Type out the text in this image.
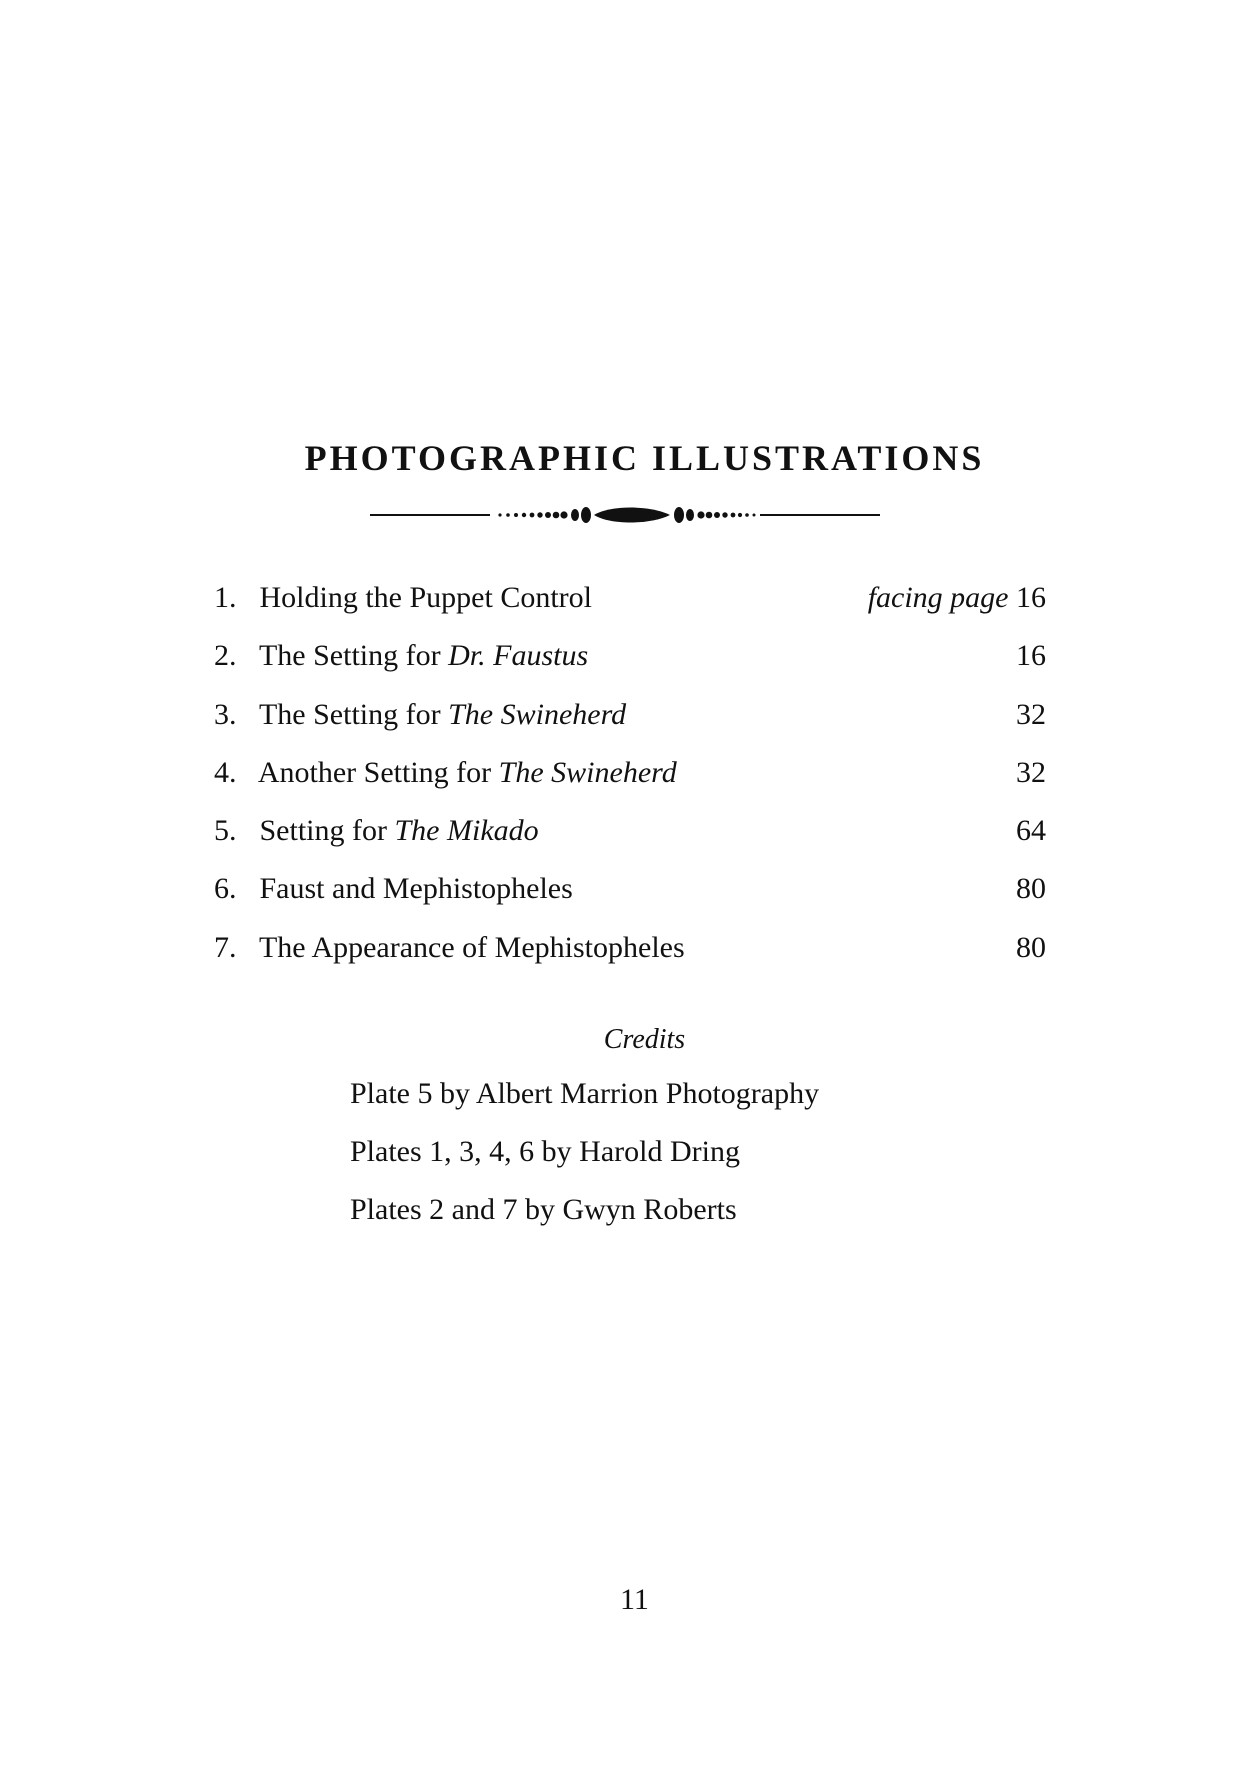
PHOTOGRAPHIC ILLUSTRATIONS
1. Holding the Puppet Control	facing page 16
2. The Setting for Dr. Faustus	16
3. The Setting for The Swineherd	32
4. Another Setting for The Swineherd	32
5. Setting for The Mikado	64
6. Faust and Mephistopheles	80
7. The Appearance of Mephistopheles	80
Credits
Plate 5 by Albert Marrion Photography
Plates 1, 3, 4, 6 by Harold Dring
Plates 2 and 7 by Gwyn Roberts
11
